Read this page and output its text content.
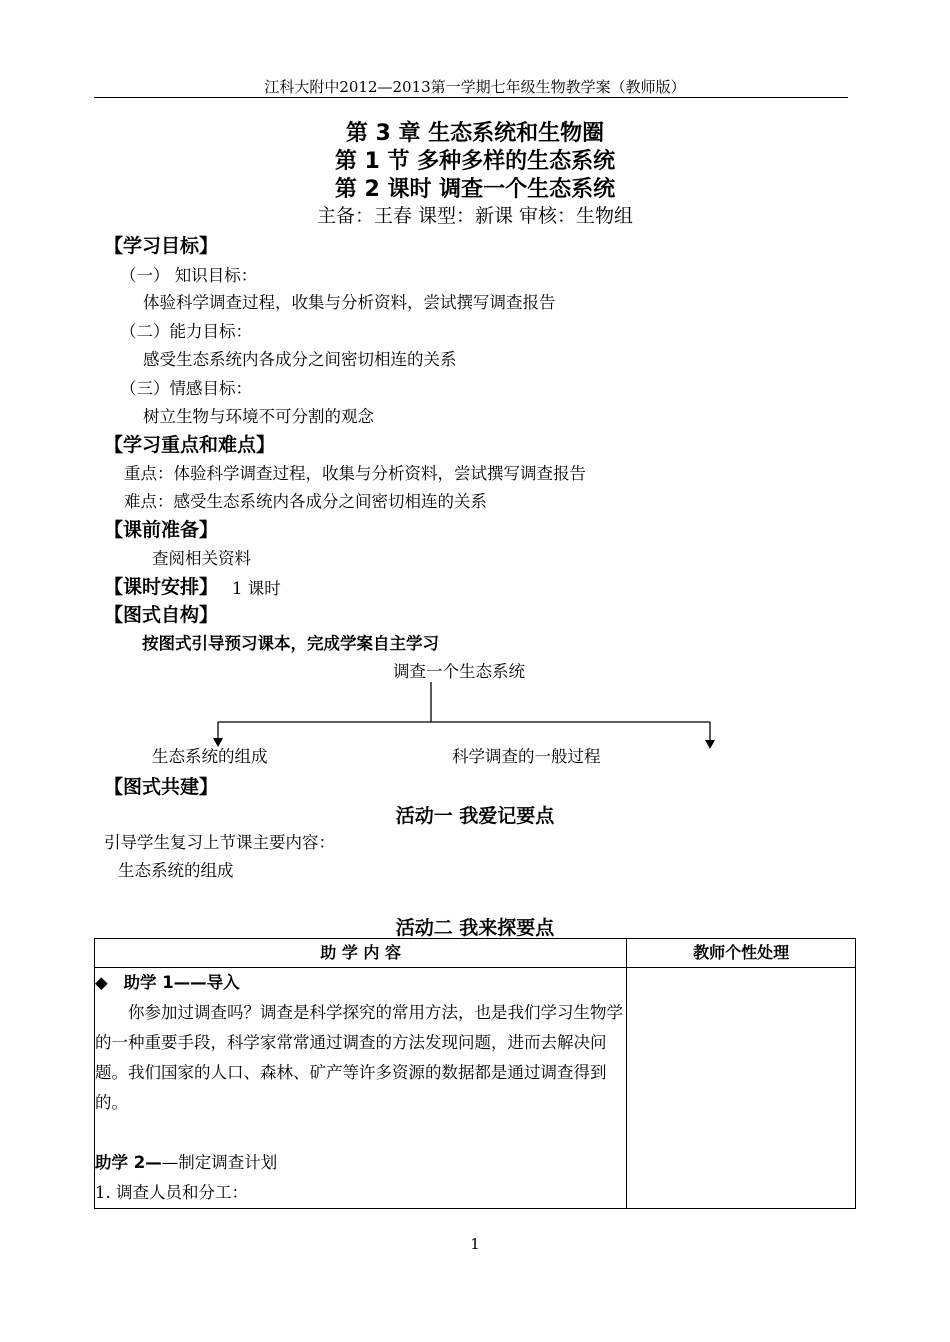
江科大附中2012—2013第一学期七年级生物教学案（教师版）
第 3 章 生态系统和生物圈
第 1 节 多种多样的生态系统
第 2 课时 调查一个生态系统
主备：王春 课型：新课 审核：生物组
【学习目标】
（一） 知识目标：
体验科学调查过程，收集与分析资料，尝试撰写调查报告
（二）能力目标：
感受生态系统内各成分之间密切相连的关系
（三）情感目标：
树立生物与环境不可分割的观念
【学习重点和难点】
重点：体验科学调查过程，收集与分析资料，尝试撰写调查报告
难点：感受生态系统内各成分之间密切相连的关系
【课前准备】
查阅相关资料
【课时安排】 1 课时
【图式自构】
按图式引导预习课本，完成学案自主学习
调查一个生态系统
生态系统的组成	科学调查的一般过程
【图式共建】
活动一 我爱记要点
引导学生复习上节课主要内容：
生态系统的组成
活动二 我来探要点
助 学 内 容	教师个性处理

◆ 助学 1——导入
你参加过调查吗？调查是科学探究的常用方法，也是我们学习生物学的一种重要手段，科学家常常通过调查的方法发现问题，进而去解决问题。我们国家的人口、森林、矿产等许多资源的数据都是通过调查得到的。
助学 2——制定调查计划
1. 调查人员和分工：	

1
